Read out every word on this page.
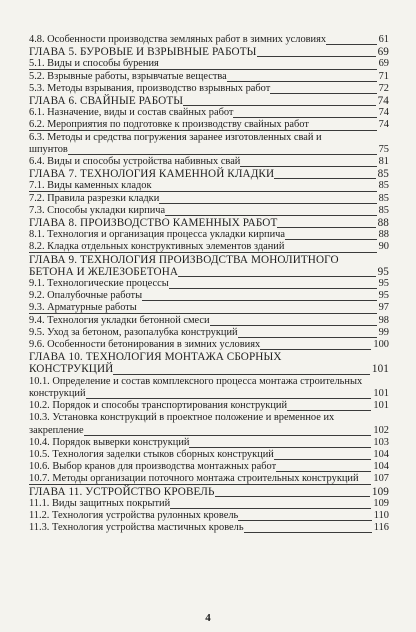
4.8. Особенности производства земляных работ в зимних условиях	61
ГЛАВА 5. БУРОВЫЕ И ВЗРЫВНЫЕ РАБОТЫ	69
5.1. Виды и способы бурения	69
5.2. Взрывные работы, взрывчатые вещества	71
5.3. Методы взрывания, производство взрывных работ	72
ГЛАВА 6. СВАЙНЫЕ РАБОТЫ	74
6.1. Назначение, виды и состав свайных работ	74
6.2. Мероприятия по подготовке к производству свайных работ	74
6.3. Методы и средства погружения заранее изготовленных свай и шпунтов	75
6.4. Виды и способы устройства набивных свай	81
ГЛАВА 7. ТЕХНОЛОГИЯ КАМЕННОЙ КЛАДКИ	85
7.1. Виды каменных кладок	85
7.2. Правила разрезки кладки	85
7.3. Способы укладки кирпича	85
ГЛАВА 8. ПРОИЗВОДСТВО КАМЕННЫХ РАБОТ	88
8.1. Технология и организация процесса укладки кирпича	88
8.2. Кладка отдельных конструктивных элементов зданий	90
ГЛАВА 9. ТЕХНОЛОГИЯ ПРОИЗВОДСТВА МОНОЛИТНОГО БЕТОНА И ЖЕЛЕЗОБЕТОНА	95
9.1. Технологические процессы	95
9.2. Опалубочные работы	95
9.3. Арматурные работы	97
9.4. Технология укладки бетонной смеси	98
9.5. Уход за бетоном, разопалубка конструкций	99
9.6. Особенности бетонирования в зимних условиях	100
ГЛАВА 10. ТЕХНОЛОГИЯ МОНТАЖА СБОРНЫХ КОНСТРУКЦИЙ	101
10.1. Определение и состав комплексного процесса монтажа строительных конструкций	101
10.2. Порядок и способы транспортирования конструкций	101
10.3. Установка конструкций в проектное положение и временное их закрепление	102
10.4. Порядок выверки конструкций	103
10.5. Технология заделки стыков сборных конструкций	104
10.6. Выбор кранов для производства монтажных работ	104
10.7. Методы организации поточного монтажа строительных конструкций	107
ГЛАВА 11. УСТРОЙСТВО КРОВЕЛЬ	109
11.1. Виды защитных покрытий	109
11.2. Технология устройства рулонных кровель	110
11.3. Технология устройства мастичных кровель	116
4
